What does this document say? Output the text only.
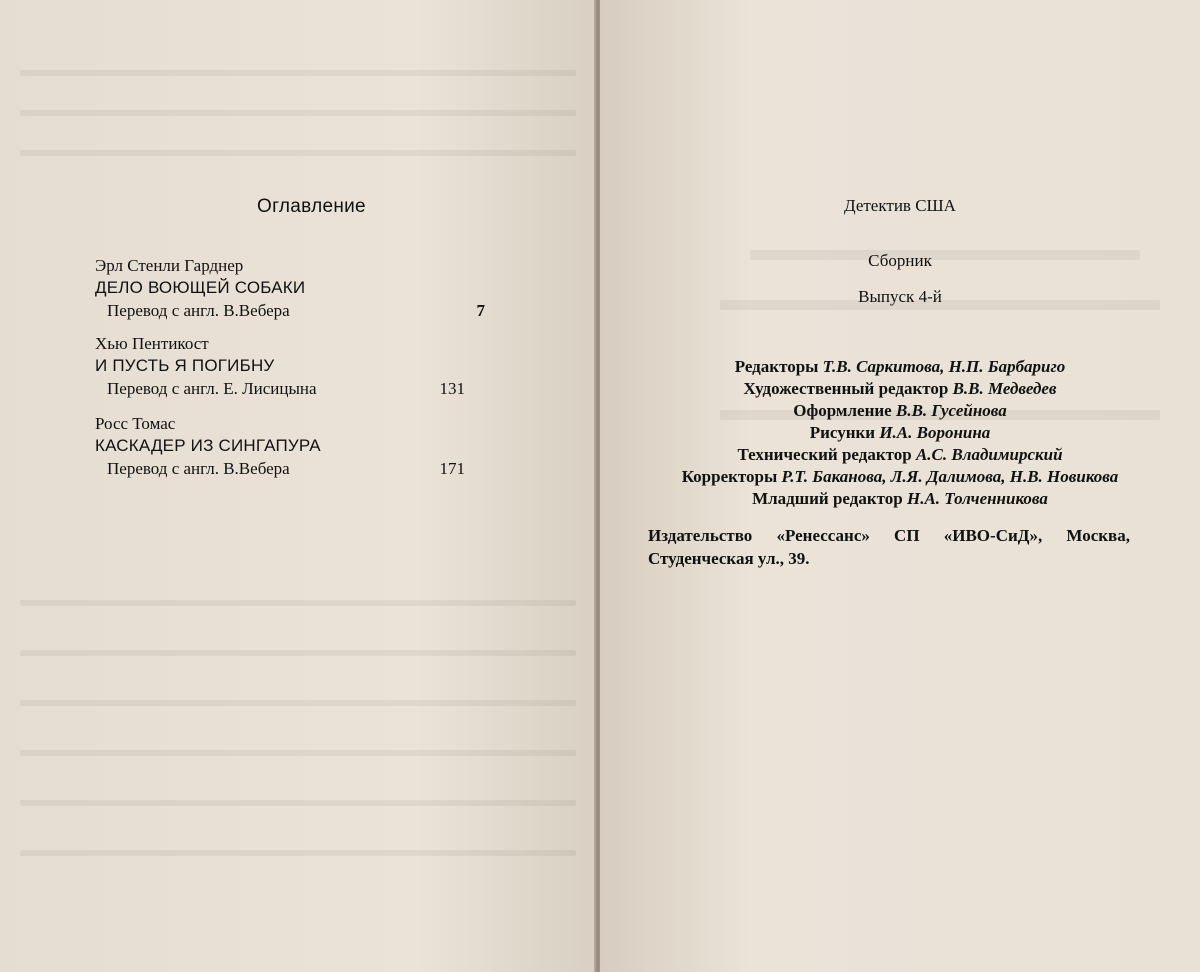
Оглавление
Эрл Стенли Гарднер
ДЕЛО ВОЮЩЕЙ СОБАКИ
Перевод с англ. В.Вебера	7
Хью Пентикост
И ПУСТЬ Я ПОГИБНУ
Перевод с англ. Е. Лисицына	131
Росс Томас
КАСКАДЕР ИЗ СИНГАПУРА
Перевод с англ. В.Вебера	171
Детектив США
Сборник
Выпуск 4-й
Редакторы Т.В. Саркитова, Н.П. Барбариго
Художественный редактор В.В. Медведев
Оформление В.В. Гусейнова
Рисунки И.А. Воронина
Технический редактор А.С. Владимирский
Корректоры Р.Т. Баканова, Л.Я. Далимова, Н.В. Новикова
Младший редактор Н.А. Толченникова
Издательство «Ренессанс» СП «ИВО-СиД», Москва, Студенческая ул., 39.
